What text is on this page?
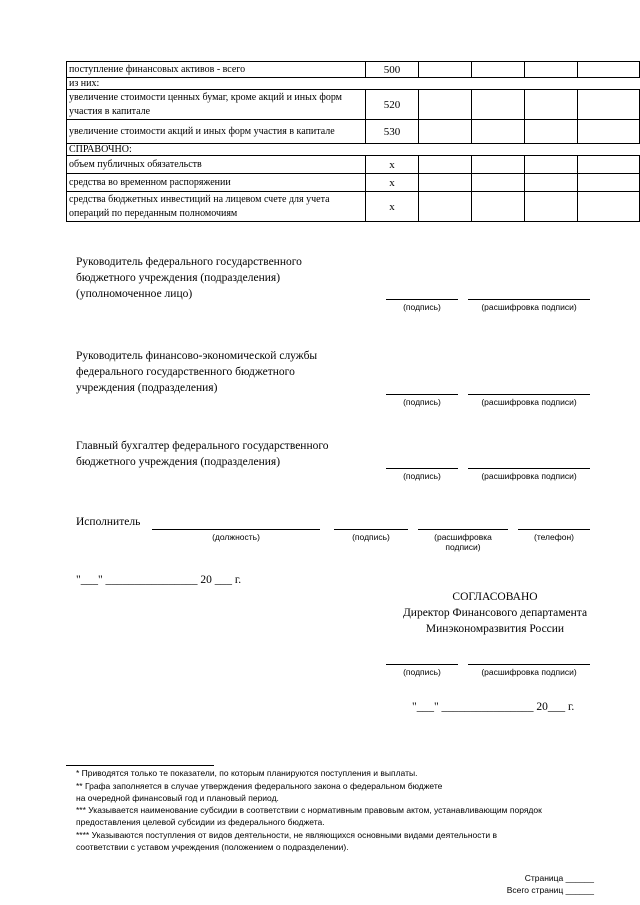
поступление финансовых активов - всего	500				
из них:					
увеличение стоимости ценных бумаг, кроме акций и иных форм участия в капитале	520				
увеличение стоимости акций и иных форм участия в капитале	530				
СПРАВОЧНО:					
объем публичных обязательств	x				
средства во временном распоряжении	x				
средства бюджетных инвестиций на лицевом счете для учета операций по переданным полномочиям	x				
Руководитель федерального государственного
бюджетного учреждения (подразделения)
(уполномоченное лицо)
(подпись)	(расшифровка подписи)
Руководитель финансово-экономической службы
федерального государственного бюджетного
учреждения (подразделения)
(подпись)	(расшифровка подписи)
Главный бухгалтер федерального государственного
бюджетного учреждения (подразделения)
(подпись)	(расшифровка подписи)
Исполнитель
(должность)	(подпись)	(расшифровка
подписи)
(телефон)
"___" ________________ 20 ___ г.
СОГЛАСОВАНО
Директор Финансового департамента
Минэкономразвития России
(подпись)	(расшифровка подписи)
"___" ________________ 20___ г.
* Приводятся только те показатели, по которым планируются поступления и выплаты.
** Графа заполняется в случае утверждения федерального закона о федеральном бюджете
на очередной финансовый год и плановый период.
*** Указывается наименование субсидии в соответствии с нормативным правовым актом, устанавливающим порядок
предоставления целевой субсидии из федерального бюджета.
**** Указываются поступления от видов деятельности, не являющихся основными видами деятельности в
соответствии с уставом учреждения (положением о подразделении).
Страница ______
Всего страниц ______
